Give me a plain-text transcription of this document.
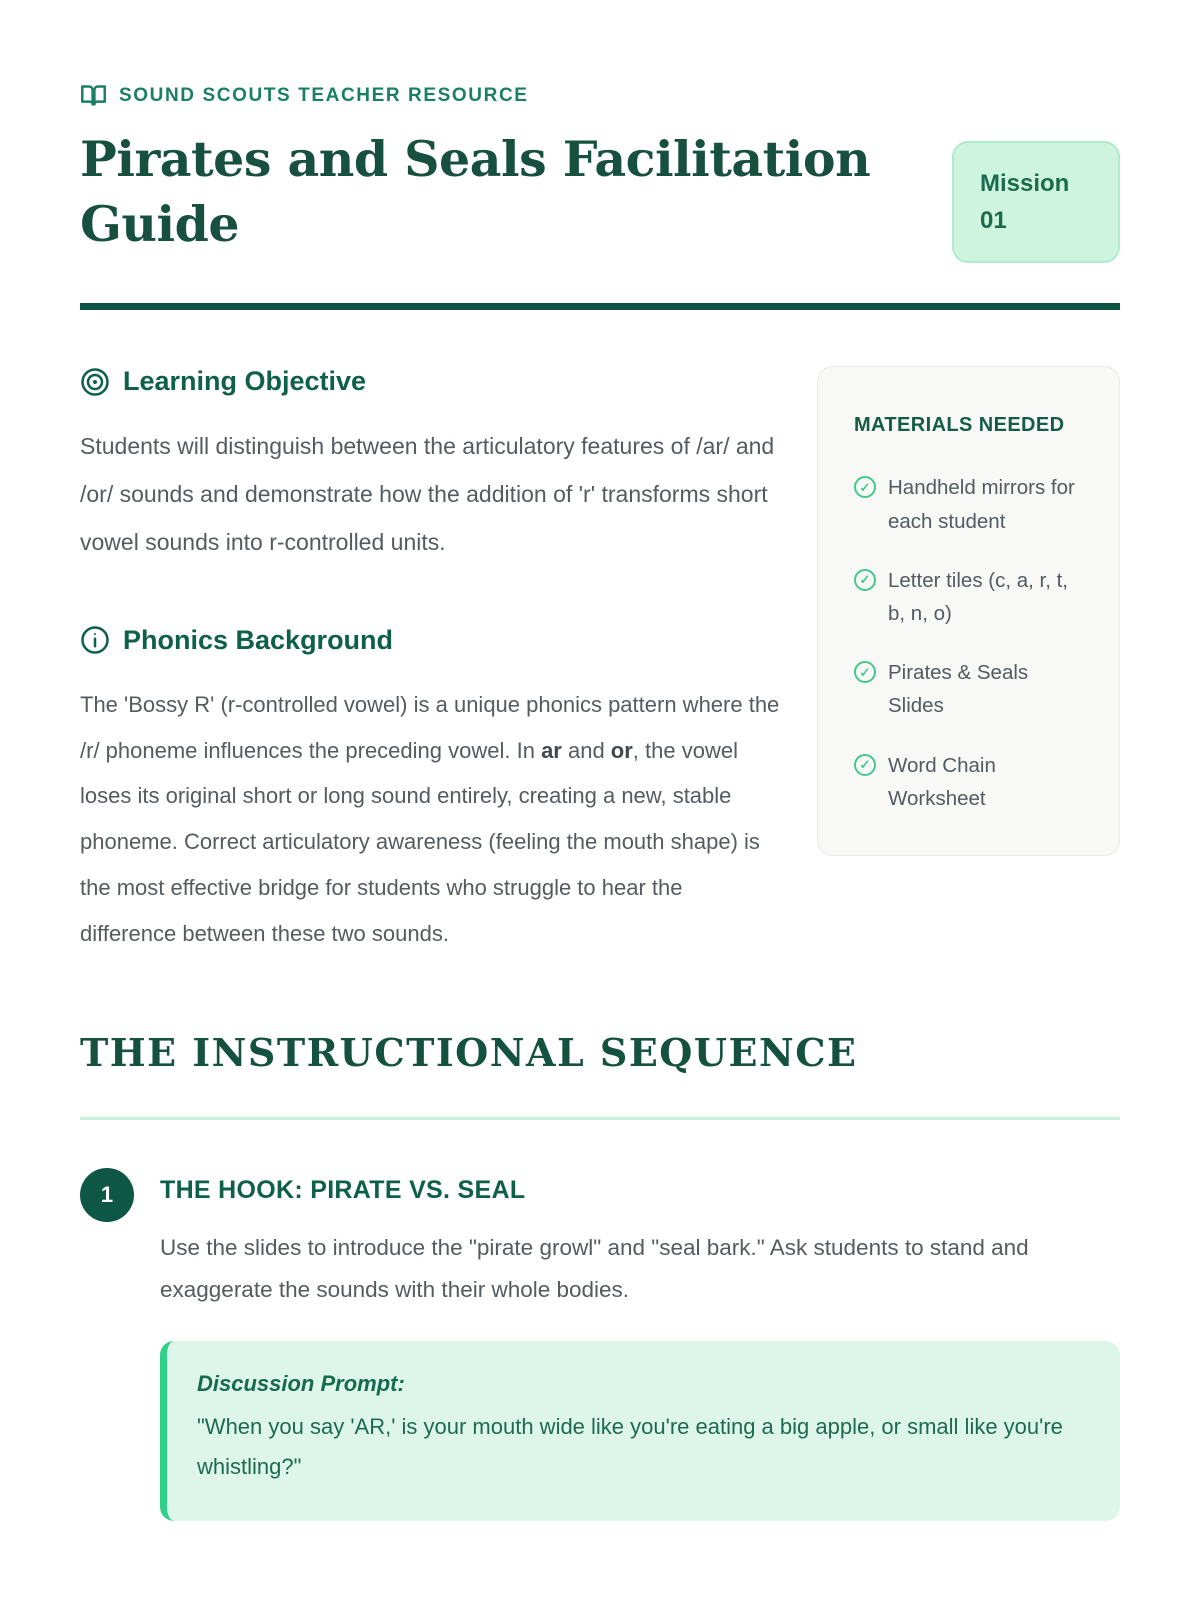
SOUND SCOUTS TEACHER RESOURCE
Pirates and Seals Facilitation Guide
Mission 01
Learning Objective

Students will distinguish between the articulatory features of /ar/ and /or/ sounds and demonstrate how the addition of 'r' transforms short vowel sounds into r-controlled units.

Phonics Background

The 'Bossy R' (r-controlled vowel) is a unique phonics pattern where the /r/ phoneme influences the preceding vowel. In ar and or, the vowel loses its original short or long sound entirely, creating a new, stable phoneme. Correct articulatory awareness (feeling the mouth shape) is the most effective bridge for students who struggle to hear the difference between these two sounds.

MATERIALS NEEDED
✓ Handheld mirrors for each student
✓ Letter tiles (c, a, r, t, b, n, o)
✓ Pirates & Seals Slides
✓ Word Chain Worksheet
THE INSTRUCTIONAL SEQUENCE
1	THE HOOK: PIRATE VS. SEAL

Use the slides to introduce the "pirate growl" and "seal bark." Ask students to stand and exaggerate the sounds with their whole bodies.

Discussion Prompt:
"When you say 'AR,' is your mouth wide like you're eating a big apple, or small like you're whistling?"
